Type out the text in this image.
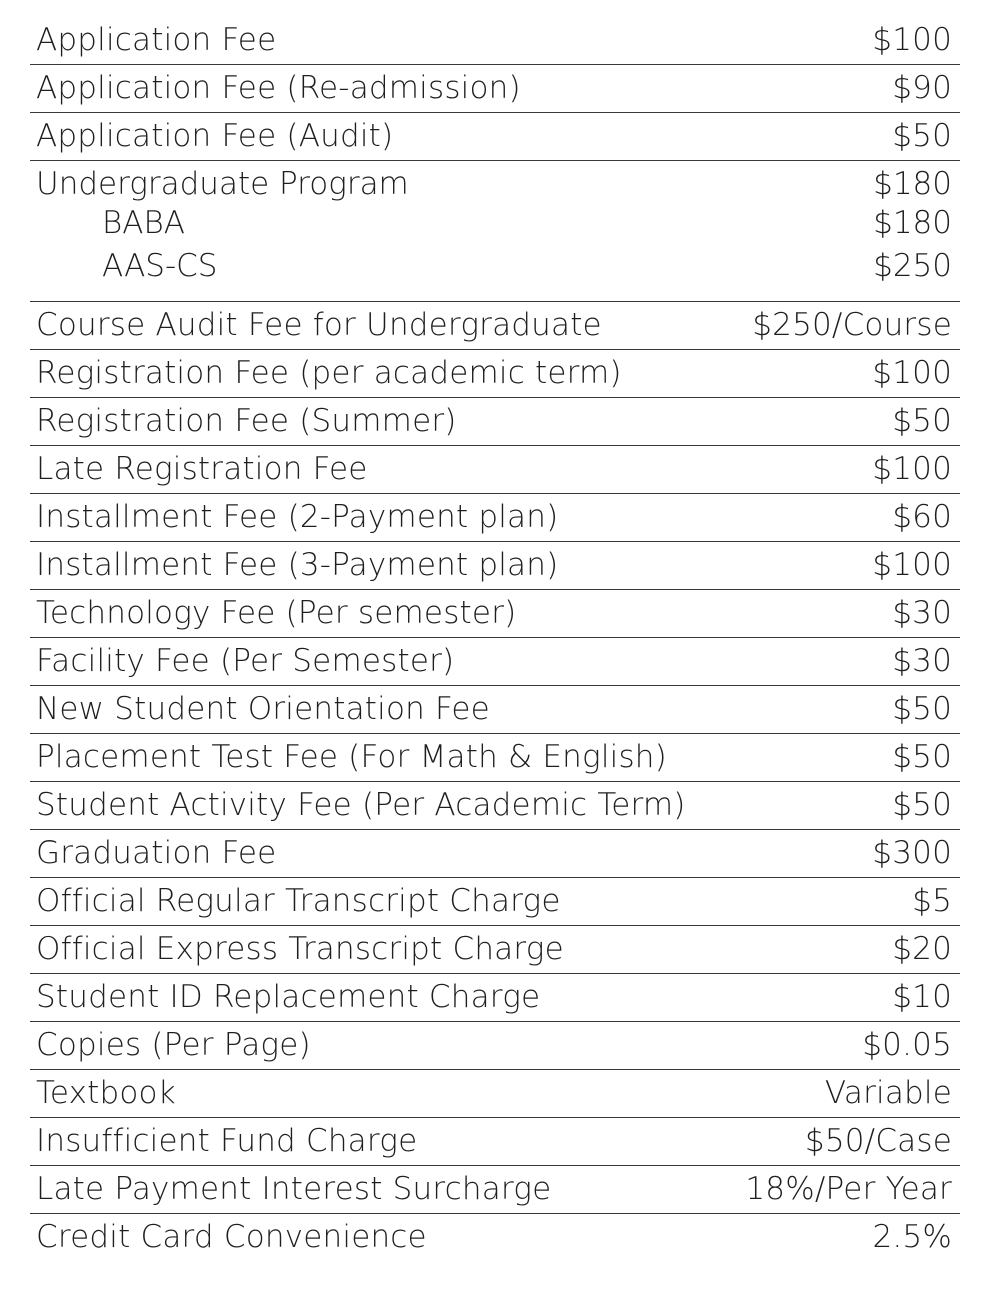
Application Fee	$100
Application Fee (Re-admission)	$90
Application Fee (Audit)	$50
Undergraduate Program	$180
BABA	$180
AAS-CS	$250
Course Audit Fee for Undergraduate	$250/Course
Registration Fee (per academic term)	$100
Registration Fee (Summer)	$50
Late Registration Fee	$100
Installment Fee (2-Payment plan)	$60
Installment Fee (3-Payment plan)	$100
Technology Fee (Per semester)	$30
Facility Fee (Per Semester)	$30
New Student Orientation Fee	$50
Placement Test Fee (For Math & English)	$50
Student Activity Fee (Per Academic Term)	$50
Graduation Fee	$300
Official Regular Transcript Charge	$5
Official Express Transcript Charge	$20
Student ID Replacement Charge	$10
Copies (Per Page)	$0.05
Textbook	Variable
Insufficient Fund Charge	$50/Case
Late Payment Interest Surcharge	18%/Per Year
Credit Card Convenience	2.5%
